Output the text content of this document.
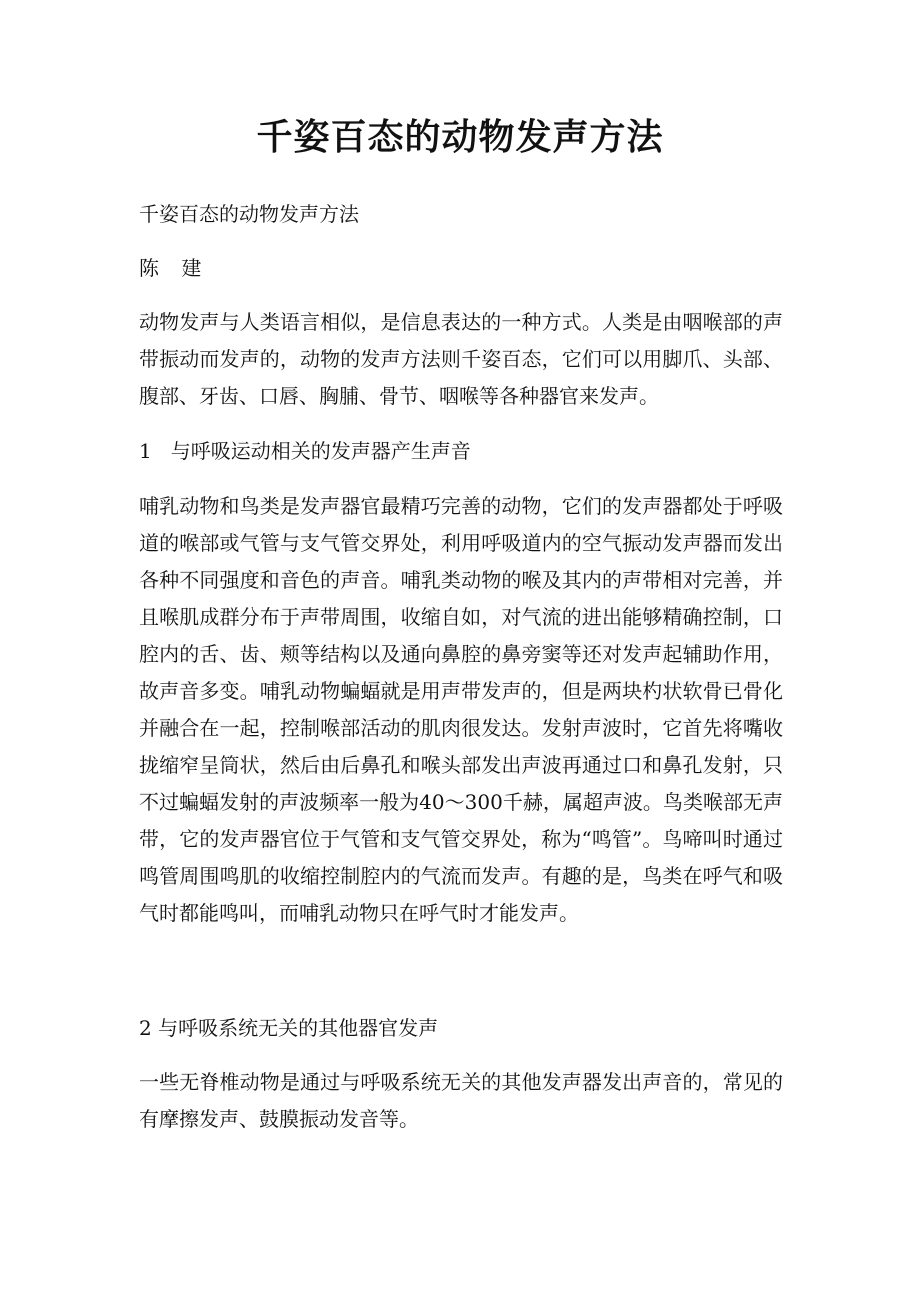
千姿百态的动物发声方法

千姿百态的动物发声方法

陈 建

动物发声与人类语言相似，是信息表达的一种方式。人类是由咽喉部的声带振动而发声的，动物的发声方法则千姿百态，它们可以用脚爪、头部、腹部、牙齿、口唇、胸脯、骨节、咽喉等各种器官来发声。

1   与呼吸运动相关的发声器产生声音

哺乳动物和鸟类是发声器官最精巧完善的动物，它们的发声器都处于呼吸道的喉部或气管与支气管交界处，利用呼吸道内的空气振动发声器而发出各种不同强度和音色的声音。哺乳类动物的喉及其内的声带相对完善，并且喉肌成群分布于声带周围，收缩自如，对气流的进出能够精确控制，口腔内的舌、齿、颊等结构以及通向鼻腔的鼻旁窦等还对发声起辅助作用，故声音多变。哺乳动物蝙蝠就是用声带发声的，但是两块杓状软骨已骨化并融合在一起，控制喉部活动的肌肉很发达。发射声波时，它首先将嘴收拢缩窄呈筒状，然后由后鼻孔和喉头部发出声波再通过口和鼻孔发射，只不过蝙蝠发射的声波频率一般为40～300千赫，属超声波。鸟类喉部无声带，它的发声器官位于气管和支气管交界处，称为“鸣管”。鸟啼叫时通过鸣管周围鸣肌的收缩控制腔内的气流而发声。有趣的是，鸟类在呼气和吸气时都能鸣叫，而哺乳动物只在呼气时才能发声。

2 与呼吸系统无关的其他器官发声

一些无脊椎动物是通过与呼吸系统无关的其他发声器发出声音的，常见的有摩擦发声、鼓膜振动发音等。
